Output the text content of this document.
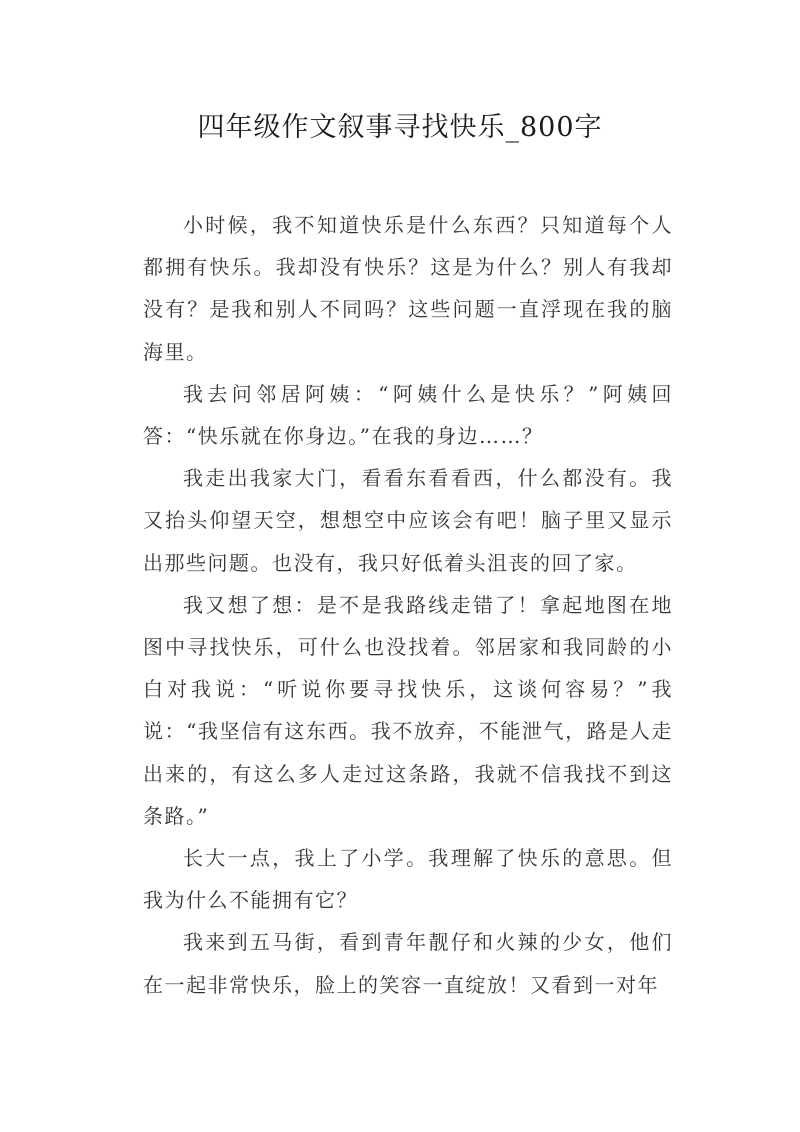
四年级作文叙事寻找快乐_800字

小时候，我不知道快乐是什么东西？只知道每个人都拥有快乐。我却没有快乐？这是为什么？别人有我却没有？是我和别人不同吗？这些问题一直浮现在我的脑海里。

我去问邻居阿姨：“阿姨什么是快乐？”阿姨回答：“快乐就在你身边。”在我的身边……？

我走出我家大门，看看东看看西，什么都没有。我又抬头仰望天空，想想空中应该会有吧！脑子里又显示出那些问题。也没有，我只好低着头沮丧的回了家。

我又想了想：是不是我路线走错了！拿起地图在地图中寻找快乐，可什么也没找着。邻居家和我同龄的小白对我说：“听说你要寻找快乐，这谈何容易？”我说：“我坚信有这东西。我不放弃，不能泄气，路是人走出来的，有这么多人走过这条路，我就不信我找不到这条路。”

长大一点，我上了小学。我理解了快乐的意思。但我为什么不能拥有它？

我来到五马街，看到青年靓仔和火辣的少女，他们在一起非常快乐，脸上的笑容一直绽放！又看到一对年
